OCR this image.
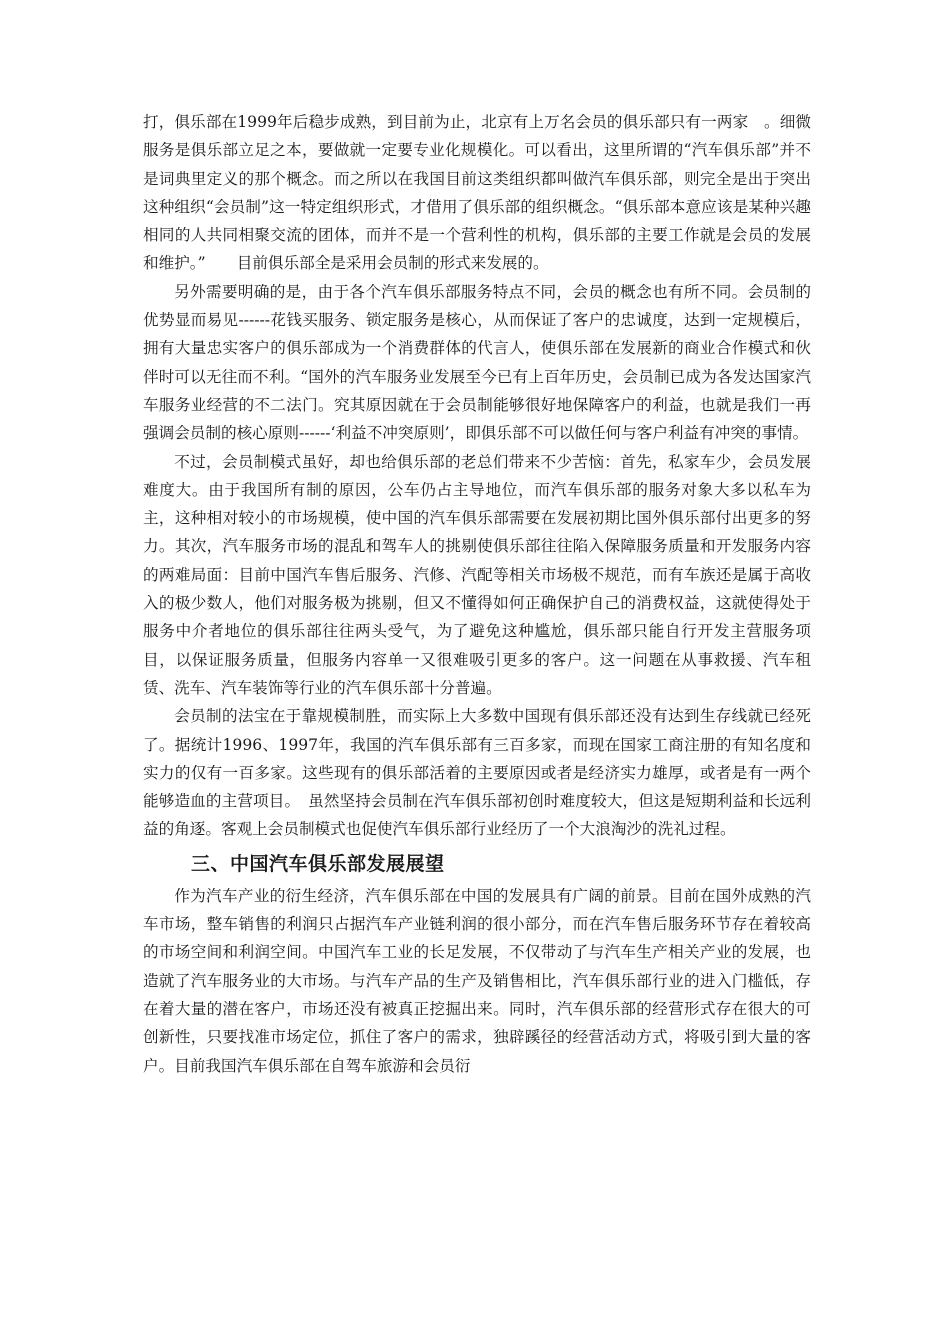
打，俱乐部在1999年后稳步成熟，到目前为止，北京有上万名会员的俱乐部只有一两家　。细微服务是俱乐部立足之本，要做就一定要专业化规模化。可以看出，这里所谓的“汽车俱乐部”并不是词典里定义的那个概念。而之所以在我国目前这类组织都叫做汽车俱乐部，则完全是出于突出这种组织“会员制”这一特定组织形式，才借用了俱乐部的组织概念。“俱乐部本意应该是某种兴趣相同的人共同相聚交流的团体，而并不是一个营利性的机构，俱乐部的主要工作就是会员的发展和维护。”　　目前俱乐部全是采用会员制的形式来发展的。

另外需要明确的是，由于各个汽车俱乐部服务特点不同，会员的概念也有所不同。会员制的优势显而易见------花钱买服务、锁定服务是核心，从而保证了客户的忠诚度，达到一定规模后，拥有大量忠实客户的俱乐部成为一个消费群体的代言人，使俱乐部在发展新的商业合作模式和伙伴时可以无往而不利。“国外的汽车服务业发展至今已有上百年历史，会员制已成为各发达国家汽车服务业经营的不二法门。究其原因就在于会员制能够很好地保障客户的利益，也就是我们一再强调会员制的核心原则------‘利益不冲突原则’，即俱乐部不可以做任何与客户利益有冲突的事情。

不过，会员制模式虽好，却也给俱乐部的老总们带来不少苦恼：首先，私家车少，会员发展难度大。由于我国所有制的原因，公车仍占主导地位，而汽车俱乐部的服务对象大多以私车为主，这种相对较小的市场规模，使中国的汽车俱乐部需要在发展初期比国外俱乐部付出更多的努力。其次，汽车服务市场的混乱和驾车人的挑剔使俱乐部往往陷入保障服务质量和开发服务内容的两难局面：目前中国汽车售后服务、汽修、汽配等相关市场极不规范，而有车族还是属于高收入的极少数人，他们对服务极为挑剔，但又不懂得如何正确保护自己的消费权益，这就使得处于服务中介者地位的俱乐部往往两头受气，为了避免这种尴尬，俱乐部只能自行开发主营服务项目，以保证服务质量，但服务内容单一又很难吸引更多的客户。这一问题在从事救援、汽车租赁、洗车、汽车装饰等行业的汽车俱乐部十分普遍。

会员制的法宝在于靠规模制胜，而实际上大多数中国现有俱乐部还没有达到生存线就已经死了。据统计1996、1997年，我国的汽车俱乐部有三百多家，而现在国家工商注册的有知名度和实力的仅有一百多家。这些现有的俱乐部活着的主要原因或者是经济实力雄厚，或者是有一两个能够造血的主营项目。　虽然坚持会员制在汽车俱乐部初创时难度较大，但这是短期利益和长远利益的角逐。客观上会员制模式也促使汽车俱乐部行业经历了一个大浪淘沙的洗礼过程。

三、中国汽车俱乐部发展展望

作为汽车产业的衍生经济，汽车俱乐部在中国的发展具有广阔的前景。目前在国外成熟的汽车市场，整车销售的利润只占据汽车产业链利润的很小部分，而在汽车售后服务环节存在着较高的市场空间和利润空间。中国汽车工业的长足发展，不仅带动了与汽车生产相关产业的发展，也造就了汽车服务业的大市场。与汽车产品的生产及销售相比，汽车俱乐部行业的进入门槛低，存在着大量的潜在客户，市场还没有被真正挖掘出来。同时，汽车俱乐部的经营形式存在很大的可创新性，只要找准市场定位，抓住了客户的需求，独辟蹊径的经营活动方式，将吸引到大量的客户。目前我国汽车俱乐部在自驾车旅游和会员衍
